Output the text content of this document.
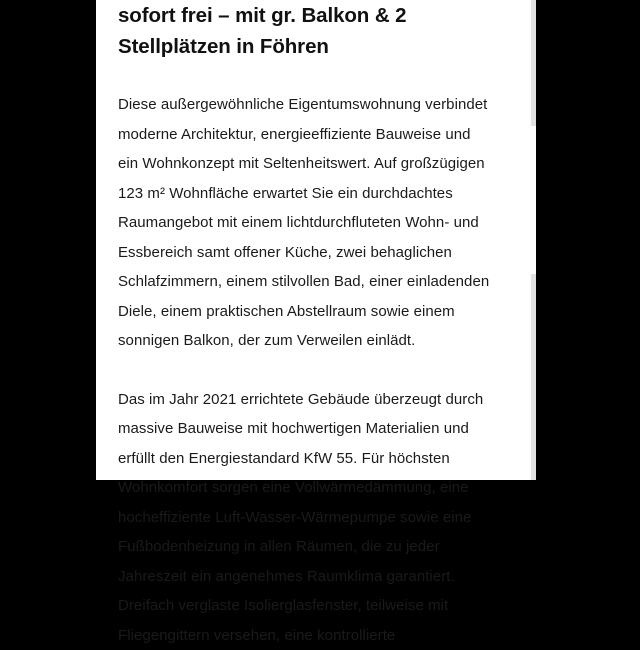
sofort frei – mit gr. Balkon & 2
Stellplätzen in Föhren

Diese außergewöhnliche Eigentumswohnung verbindet
moderne Architektur, energieeffiziente Bauweise und
ein Wohnkonzept mit Seltenheitswert. Auf großzügigen
123 m² Wohnfläche erwartet Sie ein durchdachtes
Raumangebot mit einem lichtdurchfluteten Wohn- und
Essbereich samt offener Küche, zwei behaglichen
Schlafzimmern, einem stilvollen Bad, einer einladenden
Diele, einem praktischen Abstellraum sowie einem
sonnigen Balkon, der zum Verweilen einlädt.

Das im Jahr 2021 errichtete Gebäude überzeugt durch
massive Bauweise mit hochwertigen Materialien und
erfüllt den Energiestandard KfW 55. Für höchsten
Wohnkomfort sorgen eine Vollwärmedämmung, eine
hocheffiziente Luft-Wasser-Wärmepumpe sowie eine
Fußbodenheizung in allen Räumen, die zu jeder
Jahreszeit ein angenehmes Raumklima garantiert.
Dreifach verglaste Isolierglasfenster, teilweise mit
Fliegengittern versehen, eine kontrollierte
